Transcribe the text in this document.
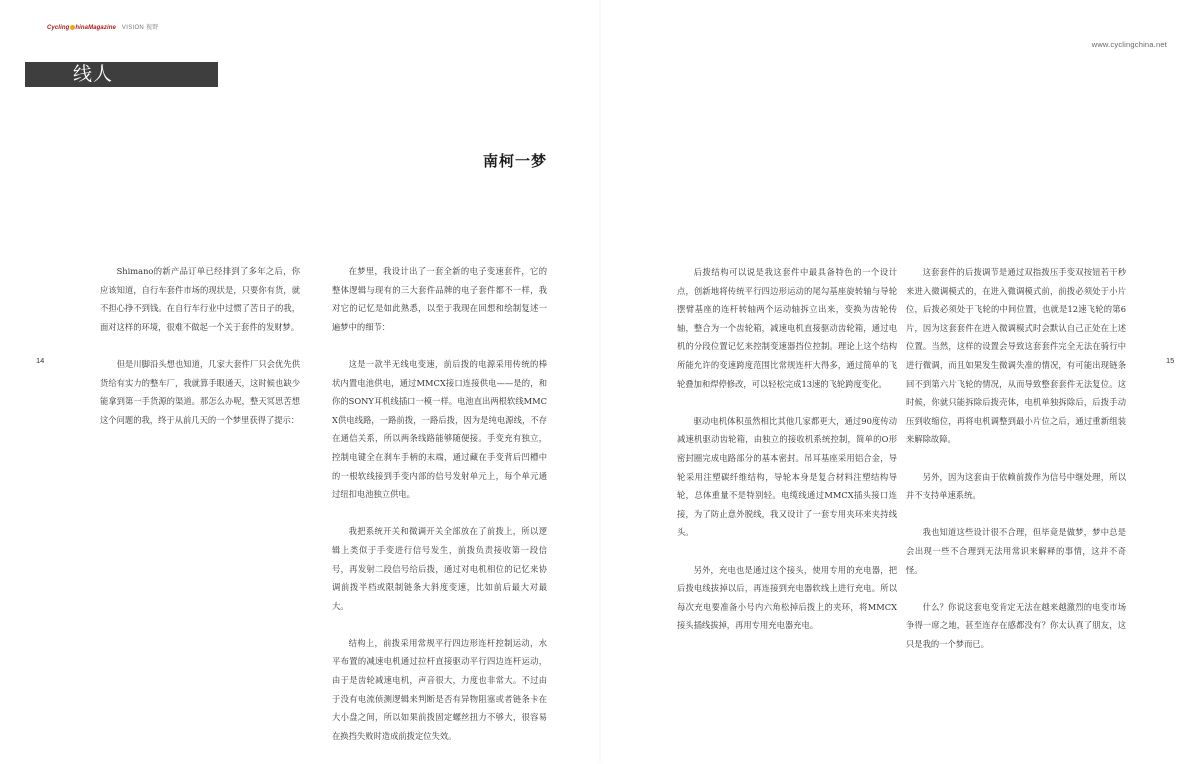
Cycling hinaMagazine VISION 视野
线人
南柯一梦
14

Shimano的新产品订单已经排到了多年之后，你应该知道，自行车套件市场的现状是，只要你有货，就不担心挣不到钱。在自行车行业中过惯了苦日子的我，面对这样的环境，很难不做起一个关于套件的发财梦。

但是川脚沿头想也知道，几家大套件厂只会优先供货给有实力的整车厂，我就算手眼通天，这时候也缺少能拿到第一手货源的渠道。那怎么办呢，整天冥思苦想这个问题的我，终于从前几天的一个梦里获得了提示：

在梦里，我设计出了一套全新的电子变速套件，它的整体逻辑与现有的三大套件品牌的电子套件都不一样，我对它的记忆是如此熟悉，以至于我现在回想和绘制复述一遍梦中的细节：

这是一款半无线电变速，前后拨的电源采用传统的棒状内置电池供电，通过MMCX接口连接供电——是的，和你的SONY耳机线插口一模一样。电池直出两根软线MMCX供电线路，一路前拨，一路后拨，因为是纯电源线，不存在通信关系，所以两条线路能够随便接。手变充有独立，控制电键全在刹车手柄的末端，通过藏在手变背后凹槽中的一根软线接到手变内部的信号发射单元上，每个单元通过纽扣电池独立供电。

我把系统开关和微调开关全部放在了前拨上，所以逻辑上类似于手变进行信号发生，前拨负责接收第一段信号，再发射二段信号给后拨，通过对电机相位的记忆来协调前拨半档或限制链条大斜度变速，比如前后最大对最大。

结构上，前拨采用常规平行四边形连杆控制运动，水平布置的减速电机通过拉杆直接驱动平行四边连杆运动，由于是齿轮减速电机，声音很大，力度也非常大。不过由于没有电流侦测逻辑来判断是否有异物阻塞或者链条卡在大小盘之间，所以如果前拨固定螺丝扭力不够大，很容易在换挡失败时造成前拨定位失效。

www.cyclingchina.net
15

后拨结构可以说是我这套件中最具备特色的一个设计点，创新地将传统平行四边形运动的尾勾基座旋转轴与导轮摆臂基座的连杆转轴两个运动轴拆立出来，变换为齿轮传轴，整合为一个齿轮箱，减速电机直接驱动齿轮箱，通过电机的分段位置记忆来控制变速器挡位控制。理论上这个结构所能允许的变速跨度范围比常规连杆大得多，通过简单的飞轮叠加和焊停修改，可以轻松完成13速的飞轮跨度变化。

驱动电机体积虽然相比其他几家都更大，通过90度传动减速机驱动齿轮箱，由独立的接收机系统控制，简单的O形密封圈完成电路部分的基本密封。吊耳基座采用铝合金，导轮采用注塑碳纤维结构，导轮本身是复合材料注塑结构导轮，总体重量不是特别轻。电缆线通过MMCX插头接口连接，为了防止意外脱线，我又设计了一套专用夹环来夹持线头。

另外，充电也是通过这个接头，使用专用的充电器，把后拨电线拔掉以后，再连接到充电器软线上进行充电。所以每次充电要准备小号内六角松掉后拨上的夹环，将MMCX接头插线拔掉，再用专用充电器充电。

这套套件的后拨调节是通过双指拨压手变双按钮若干秒来进入微调模式的，在进入微调模式前，前拨必须处于小片位，后拨必须处于飞轮的中间位置，也就是12速飞轮的第6片，因为这套套件在进入微调模式时会默认自己正处在上述位置。当然，这样的设置会导致这套套件完全无法在骑行中进行微调，而且如果发生微调失准的情况，有可能出现链条回不到第六片飞轮的情况，从而导致整套套件无法复位。这时候，你就只能拆除后拨壳体，电机单独拆除后，后拨手动压到收缩位，再将电机调整到最小片位之后，通过重新组装来解除故障。

另外，因为这套由于依赖前拨作为信号中继处理，所以并不支持单速系统。

我也知道这些设计很不合理，但毕竟是做梦，梦中总是会出现一些不合理到无法用常识来解释的事情，这并不奇怪。

什么？你说这套电变肯定无法在越来越激烈的电变市场争得一席之地，甚至连存在感都没有？你太认真了朋友，这只是我的一个梦而已。
